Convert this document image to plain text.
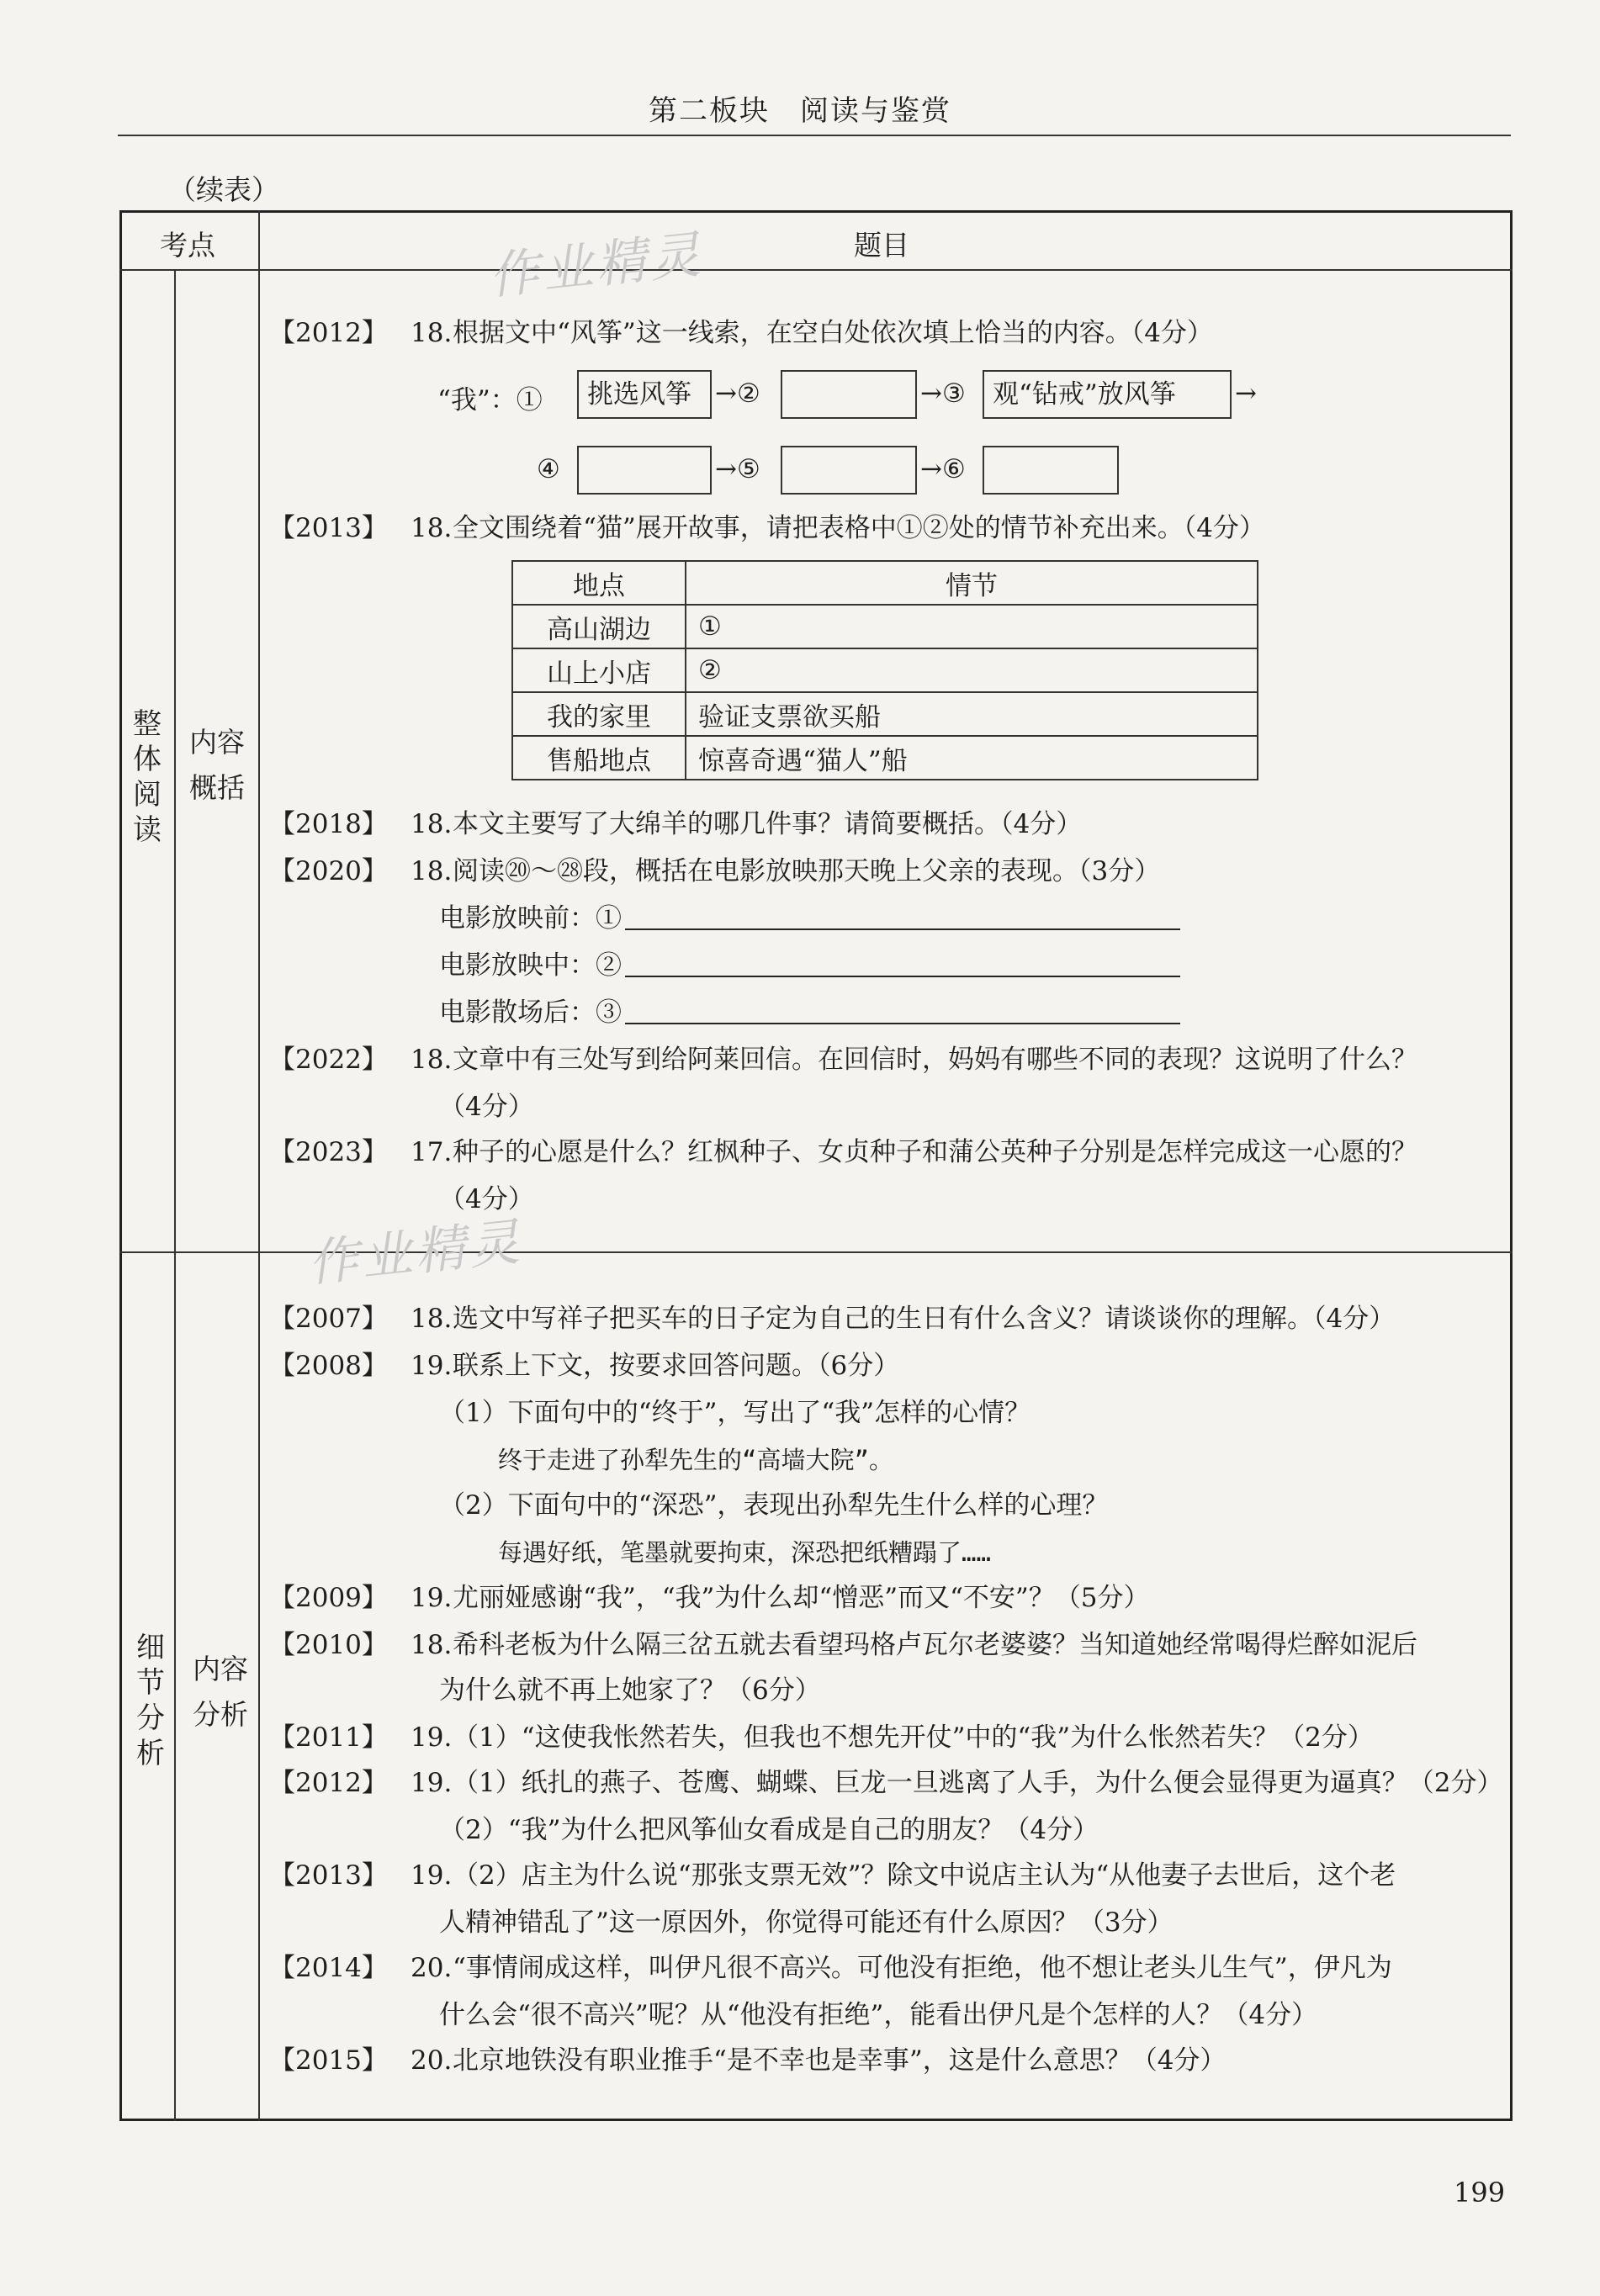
第二板块　阅读与鉴赏
（续表）
考点	题目
作业精灵
作业精灵
整体阅读
内容概括
【2012】 18.根据文中“风筝”这一线索，在空白处依次填上恰当的内容。（4分）
“我”：①	挑选风筝 →②	→③	观“钻戒”放风筝	→
④	→⑤	→⑥
【2013】 18.全文围绕着“猫”展开故事，请把表格中①②处的情节补充出来。（4分）
地点	情节
高山湖边	①
山上小店	②
我的家里	验证支票欲买船
售船地点	惊喜奇遇“猫人”船
【2018】 18.本文主要写了大绵羊的哪几件事？请简要概括。（4分）
【2020】 18.阅读⑳～㉘段，概括在电影放映那天晚上父亲的表现。（3分）
电影放映前：①
电影放映中：②
电影散场后：③
【2022】 18.文章中有三处写到给阿莱回信。在回信时，妈妈有哪些不同的表现？这说明了什么？
（4分）
【2023】 17.种子的心愿是什么？红枫种子、女贞种子和蒲公英种子分别是怎样完成这一心愿的？
（4分）
细节分析
内容分析
【2007】 18.选文中写祥子把买车的日子定为自己的生日有什么含义？请谈谈你的理解。（4分）
【2008】 19.联系上下文，按要求回答问题。（6分）
（1）下面句中的“终于”，写出了“我”怎样的心情？
终于走进了孙犁先生的“高墙大院”。
（2）下面句中的“深恐”，表现出孙犁先生什么样的心理？
每遇好纸，笔墨就要拘束，深恐把纸糟蹋了……
【2009】 19.尤丽娅感谢“我”，“我”为什么却“憎恶”而又“不安”？（5分）
【2010】 18.希科老板为什么隔三岔五就去看望玛格卢瓦尔老婆婆？当知道她经常喝得烂醉如泥后
为什么就不再上她家了？（6分）
【2011】 19.（1）“这使我怅然若失，但我也不想先开仗”中的“我”为什么怅然若失？（2分）
【2012】 19.（1）纸扎的燕子、苍鹰、蝴蝶、巨龙一旦逃离了人手，为什么便会显得更为逼真？（2分）
（2）“我”为什么把风筝仙女看成是自己的朋友？（4分）
【2013】 19.（2）店主为什么说“那张支票无效”？除文中说店主认为“从他妻子去世后，这个老
人精神错乱了”这一原因外，你觉得可能还有什么原因？（3分）
【2014】 20.“事情闹成这样，叫伊凡很不高兴。可他没有拒绝，他不想让老头儿生气”，伊凡为
什么会“很不高兴”呢？从“他没有拒绝”，能看出伊凡是个怎样的人？（4分）
【2015】 20.北京地铁没有职业推手“是不幸也是幸事”，这是什么意思？（4分）
199
